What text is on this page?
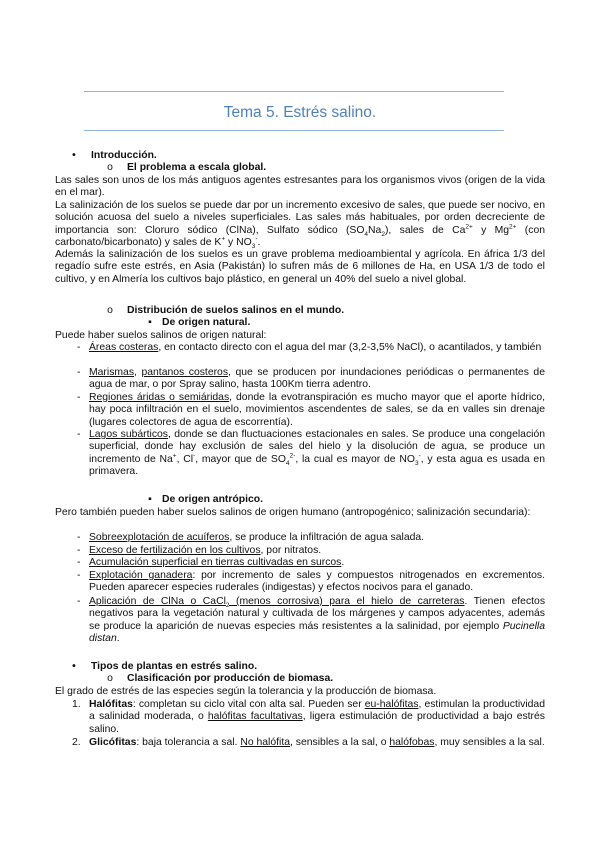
Tema 5. Estrés salino.
•	Introducción.
o El problema a escala global.
Las sales son unos de los más antiguos agentes estresantes para los organismos vivos (origen de la vida en el mar).
La salinización de los suelos se puede dar por un incremento excesivo de sales, que puede ser nocivo, en solución acuosa del suelo a niveles superficiales. Las sales más habituales, por orden decreciente de importancia son: Cloruro sódico (ClNa), Sulfato sódico $(SO_4Na_2)$, sales de $Ca^{2+}$ y $Mg^{2+}$ (con carbonato/bicarbonato) y sales de K+ y $NO_3^-$.
Además la salinización de los suelos es un grave problema medioambiental y agrícola. En áfrica 1/3 del regadío sufre este estrés, en Asia (Pakistán) lo sufren más de 6 millones de Ha, en USA 1/3 de todo el cultivo, y en Almería los cultivos bajo plástico, en general un 40% del suelo a nivel global.
o Distribución de suelos salinos en el mundo.
▪ De origen natural.
Puede haber suelos salinos de origen natural:
- Áreas costeras, en contacto directo con el agua del mar (3,2-3,5% NaCl), o acantilados, y también
- Marismas, pantanos costeros, que se producen por inundaciones periódicas o permanentes de agua de mar, o por Spray salino, hasta 100Km tierra adentro.
- Regiones áridas o semiáridas, donde la evotranspiración es mucho mayor que el aporte hídrico, hay poca infiltración en el suelo, movimientos ascendentes de sales, se da en valles sin drenaje (lugares colectores de agua de escorrentía).
- Lagos subárticos, donde se dan fluctuaciones estacionales en sales. Se produce una congelación superficial, donde hay exclusión de sales del hielo y la disolución de agua, se produce un incremento de Na+, Cl-, mayor que de $SO_4^{2-}$, la cual es mayor de $NO_3^-$, y esta agua es usada en primavera.
▪ De origen antrópico.
Pero también pueden haber suelos salinos de origen humano (antropogénico; salinización secundaria):
- Sobreexplotación de acuíferos, se produce la infiltración de agua salada.
- Exceso de fertilización en los cultivos, por nitratos.
- Acumulación superficial en tierras cultivadas en surcos.
- Explotación ganadera: por incremento de sales y compuestos nitrogenados en excrementos. Pueden aparecer especies ruderales (indigestas) y efectos nocivos para el ganado.
- Aplicación de ClNa o CaCl$_2$ (menos corrosiva) para el hielo de carreteras. Tienen efectos negativos para la vegetación natural y cultivada de los márgenes y campos adyacentes, además se produce la aparición de nuevas especies más resistentes a la salinidad, por ejemplo Pucinella distan.
•	Tipos de plantas en estrés salino.
o Clasificación por producción de biomasa.
El grado de estrés de las especies según la tolerancia y la producción de biomasa.
1. Halófitas: completan su ciclo vital con alta sal. Pueden ser eu-halófitas, estimulan la productividad a salinidad moderada, o halófitas facultativas, ligera estimulación de productividad a bajo estrés salino.
2. Glicófitas: baja tolerancia a sal. No halófita, sensibles a la sal, o halófobas, muy sensibles a la sal.
